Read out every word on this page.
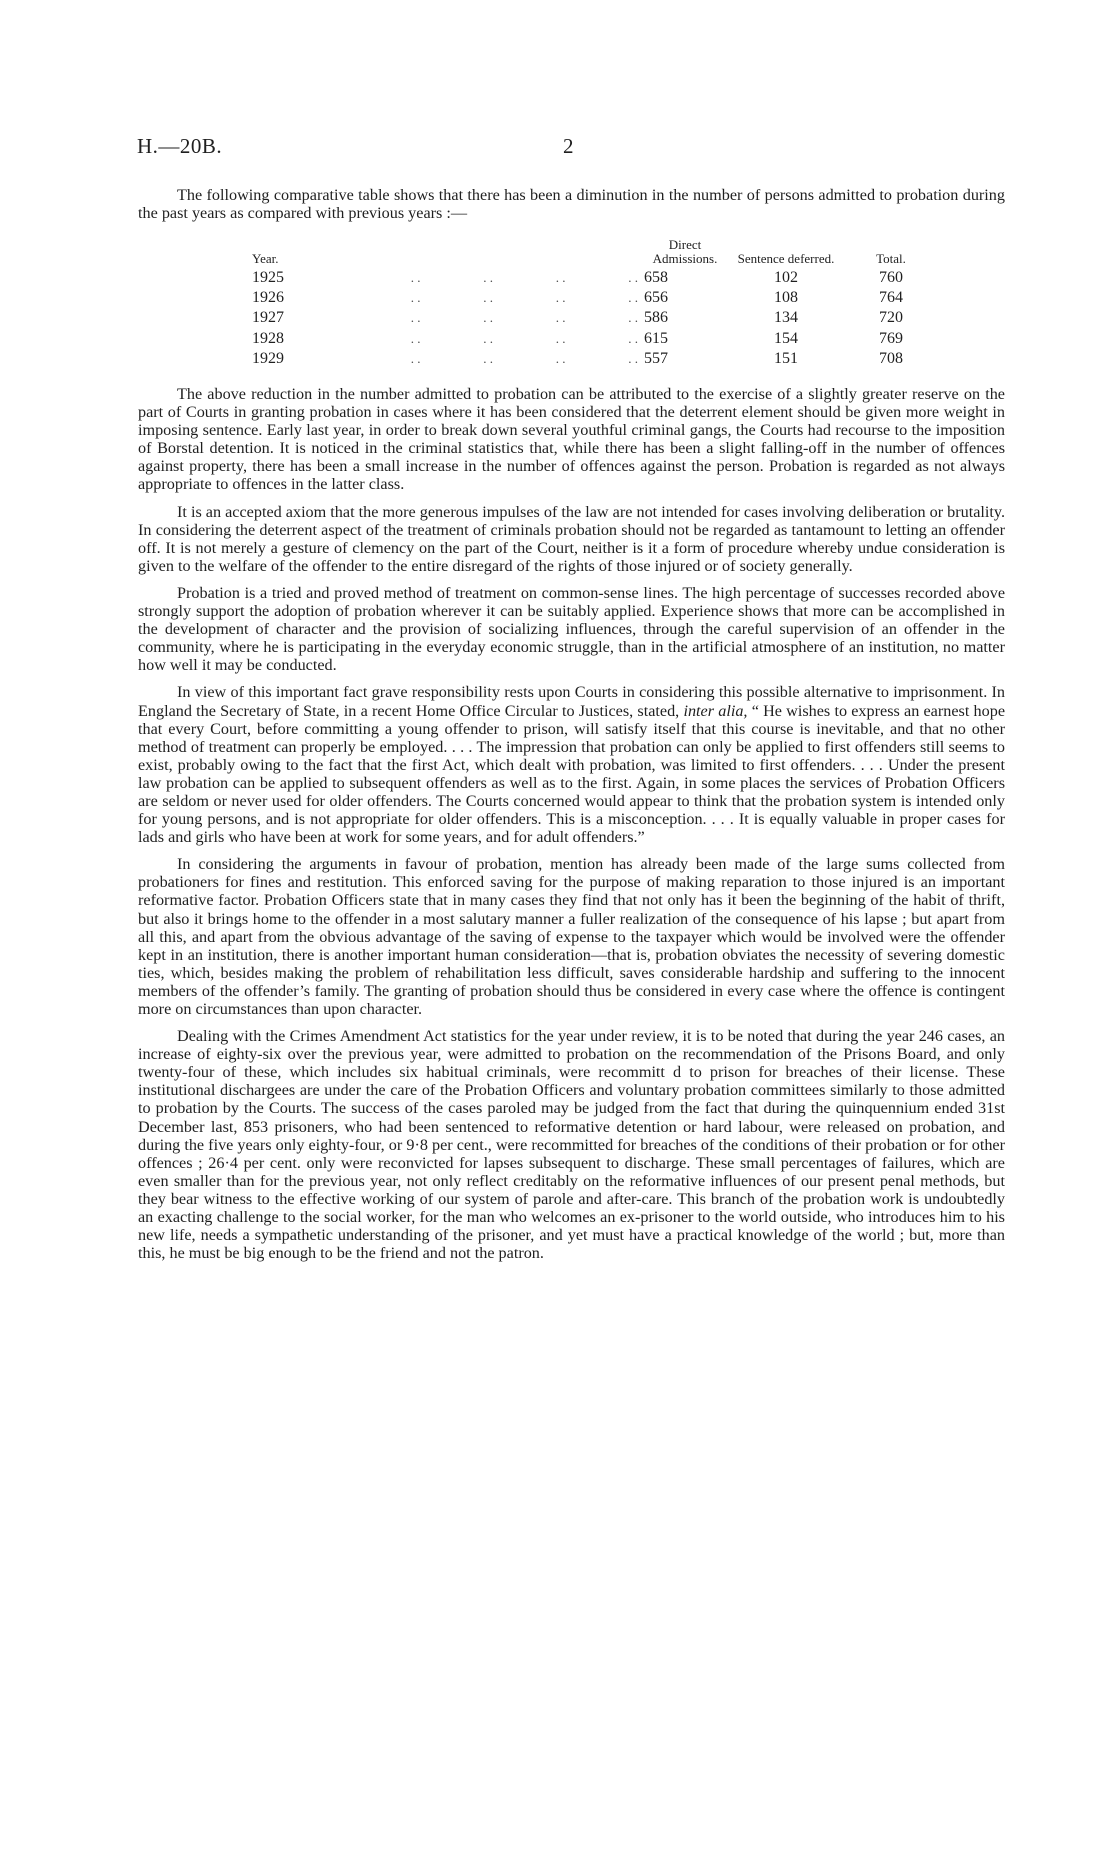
H.—20B.	2

The following comparative table shows that there has been a diminution in the number of persons admitted to probation during the past years as compared with previous years :—

Year.		Direct Admissions.	Sentence deferred.	Total.
1925	. . . . . . . .	658	102	760
1926	. . . . . . . .	656	108	764
1927	. . . . . . . .	586	134	720
1928	. . . . . . . .	615	154	769
1929	. . . . . . . .	557	151	708

The above reduction in the number admitted to probation can be attributed to the exercise of a slightly greater reserve on the part of Courts in granting probation in cases where it has been considered that the deterrent element should be given more weight in imposing sentence. Early last year, in order to break down several youthful criminal gangs, the Courts had recourse to the imposition of Borstal detention. It is noticed in the criminal statistics that, while there has been a slight falling-off in the number of offences against property, there has been a small increase in the number of offences against the person. Probation is regarded as not always appropriate to offences in the latter class.

It is an accepted axiom that the more generous impulses of the law are not intended for cases involving deliberation or brutality. In considering the deterrent aspect of the treatment of criminals probation should not be regarded as tantamount to letting an offender off. It is not merely a gesture of clemency on the part of the Court, neither is it a form of procedure whereby undue consideration is given to the welfare of the offender to the entire disregard of the rights of those injured or of society generally.

Probation is a tried and proved method of treatment on common-sense lines. The high percentage of successes recorded above strongly support the adoption of probation wherever it can be suitably applied. Experience shows that more can be accomplished in the development of character and the provision of socializing influences, through the careful supervision of an offender in the community, where he is participating in the everyday economic struggle, than in the artificial atmosphere of an institution, no matter how well it may be conducted.

In view of this important fact grave responsibility rests upon Courts in considering this possible alternative to imprisonment. In England the Secretary of State, in a recent Home Office Circular to Justices, stated, inter alia, “ He wishes to express an earnest hope that every Court, before committing a young offender to prison, will satisfy itself that this course is inevitable, and that no other method of treatment can properly be employed. . . . The impression that probation can only be applied to first offenders still seems to exist, probably owing to the fact that the first Act, which dealt with probation, was limited to first offenders. . . . Under the present law probation can be applied to subsequent offenders as well as to the first. Again, in some places the services of Probation Officers are seldom or never used for older offenders. The Courts concerned would appear to think that the probation system is intended only for young persons, and is not appropriate for older offenders. This is a misconception. . . . It is equally valuable in proper cases for lads and girls who have been at work for some years, and for adult offenders.”

In considering the arguments in favour of probation, mention has already been made of the large sums collected from probationers for fines and restitution. This enforced saving for the purpose of making reparation to those injured is an important reformative factor. Probation Officers state that in many cases they find that not only has it been the beginning of the habit of thrift, but also it brings home to the offender in a most salutary manner a fuller realization of the consequence of his lapse ; but apart from all this, and apart from the obvious advantage of the saving of expense to the taxpayer which would be involved were the offender kept in an institution, there is another important human consideration—that is, probation obviates the necessity of severing domestic ties, which, besides making the problem of rehabilitation less difficult, saves considerable hardship and suffering to the innocent members of the offender’s family. The granting of probation should thus be considered in every case where the offence is contingent more on circumstances than upon character.

Dealing with the Crimes Amendment Act statistics for the year under review, it is to be noted that during the year 246 cases, an increase of eighty-six over the previous year, were admitted to probation on the recommendation of the Prisons Board, and only twenty-four of these, which includes six habitual criminals, were recommitt d to prison for breaches of their license. These institutional dischargees are under the care of the Probation Officers and voluntary probation committees similarly to those admitted to probation by the Courts. The success of the cases paroled may be judged from the fact that during the quinquennium ended 31st December last, 853 prisoners, who had been sentenced to reformative detention or hard labour, were released on probation, and during the five years only eighty-four, or 9·8 per cent., were recommitted for breaches of the conditions of their probation or for other offences ; 26·4 per cent. only were reconvicted for lapses subsequent to discharge. These small percentages of failures, which are even smaller than for the previous year, not only reflect creditably on the reformative influences of our present penal methods, but they bear witness to the effective working of our system of parole and after-care. This branch of the probation work is undoubtedly an exacting challenge to the social worker, for the man who welcomes an ex-prisoner to the world outside, who introduces him to his new life, needs a sympathetic understanding of the prisoner, and yet must have a practical knowledge of the world ; but, more than this, he must be big enough to be the friend and not the patron.
